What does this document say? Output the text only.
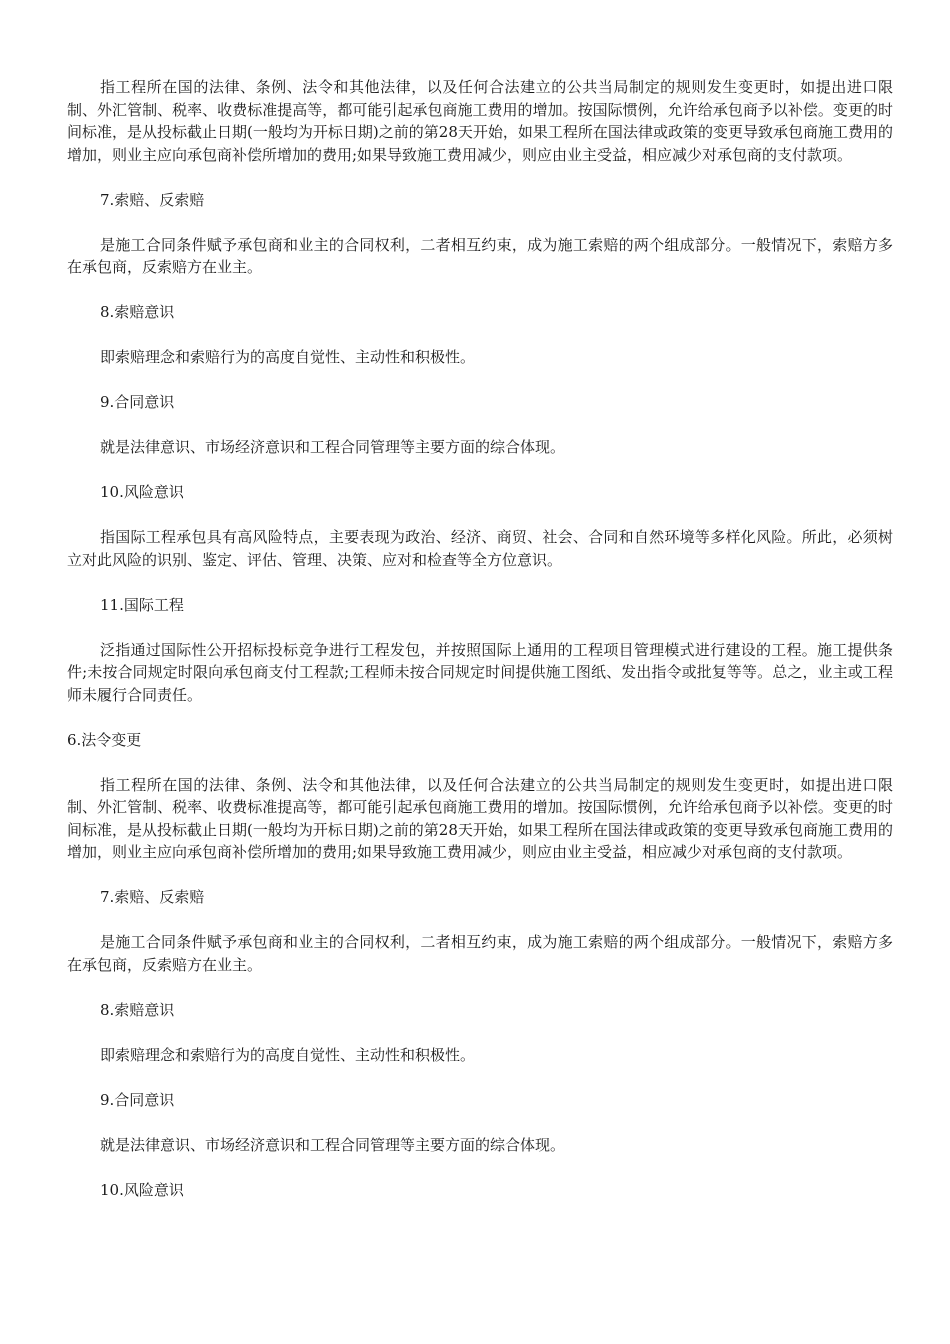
指工程所在国的法律、条例、法令和其他法律，以及任何合法建立的公共当局制定的规则发生变更时，如提出进口限制、外汇管制、税率、收费标准提高等，都可能引起承包商施工费用的增加。按国际惯例，允许给承包商予以补偿。变更的时间标准，是从投标截止日期(一般均为开标日期)之前的第28天开始，如果工程所在国法律或政策的变更导致承包商施工费用的增加，则业主应向承包商补偿所增加的费用;如果导致施工费用减少，则应由业主受益，相应减少对承包商的支付款项。

7.索赔、反索赔

是施工合同条件赋予承包商和业主的合同权利，二者相互约束，成为施工索赔的两个组成部分。一般情况下，索赔方多在承包商，反索赔方在业主。

8.索赔意识

即索赔理念和索赔行为的高度自觉性、主动性和积极性。

9.合同意识

就是法律意识、市场经济意识和工程合同管理等主要方面的综合体现。

10.风险意识

指国际工程承包具有高风险特点，主要表现为政治、经济、商贸、社会、合同和自然环境等多样化风险。所此，必须树立对此风险的识别、鉴定、评估、管理、决策、应对和检查等全方位意识。

11.国际工程

泛指通过国际性公开招标投标竞争进行工程发包，并按照国际上通用的工程项目管理模式进行建设的工程。施工提供条件;未按合同规定时限向承包商支付工程款;工程师未按合同规定时间提供施工图纸、发出指令或批复等等。总之，业主或工程师未履行合同责任。

6.法令变更

指工程所在国的法律、条例、法令和其他法律，以及任何合法建立的公共当局制定的规则发生变更时，如提出进口限制、外汇管制、税率、收费标准提高等，都可能引起承包商施工费用的增加。按国际惯例，允许给承包商予以补偿。变更的时间标准，是从投标截止日期(一般均为开标日期)之前的第28天开始，如果工程所在国法律或政策的变更导致承包商施工费用的增加，则业主应向承包商补偿所增加的费用;如果导致施工费用减少，则应由业主受益，相应减少对承包商的支付款项。

7.索赔、反索赔

是施工合同条件赋予承包商和业主的合同权利，二者相互约束，成为施工索赔的两个组成部分。一般情况下，索赔方多在承包商，反索赔方在业主。

8.索赔意识

即索赔理念和索赔行为的高度自觉性、主动性和积极性。

9.合同意识

就是法律意识、市场经济意识和工程合同管理等主要方面的综合体现。

10.风险意识
